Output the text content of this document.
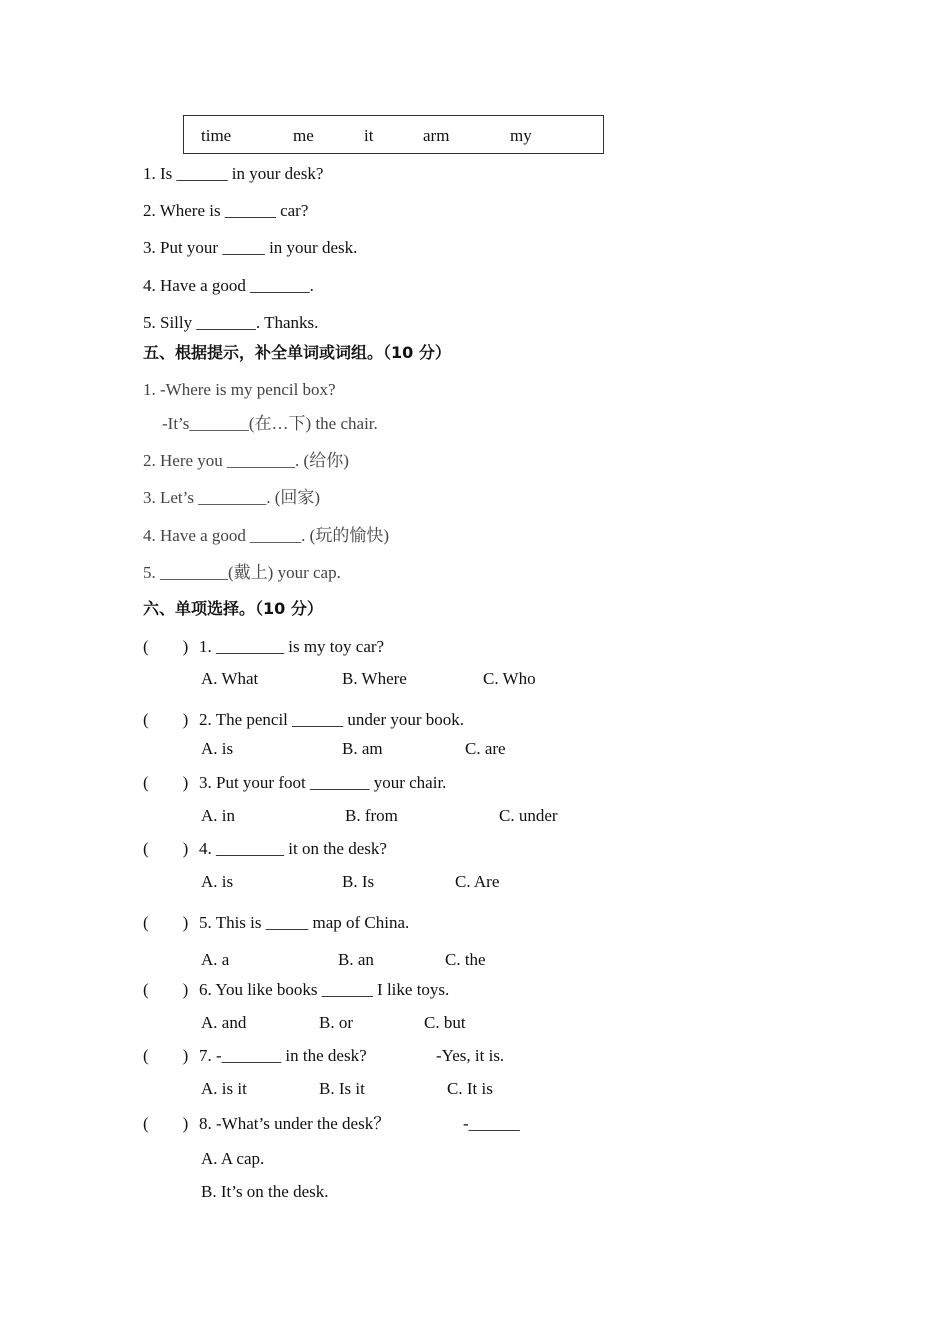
time	me	it	arm	my
1. Is ______ in your desk?
2. Where is ______ car?
3. Put your _____ in your desk.
4. Have a good _______.
5. Silly _______. Thanks.
五、根据提示，补全单词或词组。（10 分）
1. -Where is my pencil box?
-It’s_______(在…下) the chair.
2. Here you ________. (给你)
3. Let’s ________. (回家)
4. Have a good ______. (玩的愉快)
5. ________(戴上) your cap.
六、单项选择。（10 分）
(        ) 1. ________ is my toy car?
A. What	B. Where	C. Who
(        ) 2. The pencil ______ under your book.
A. is	B. am	C. are
(        ) 3. Put your foot _______ your chair.
A. in	B. from	C. under
(        ) 4. ________ it on the desk?
A. is	B. Is	C. Are
(        ) 5. This is _____ map of China.
A. a	B. an	C. the
(        ) 6. You like books ______ I like toys.
A. and	B. or	C. but
(        ) 7. -_______ in the desk?	-Yes, it is.
A. is it	B. Is it	C. It is
(        ) 8. -What’s under the desk？	-______
A. A cap.
B. It’s on the desk.
